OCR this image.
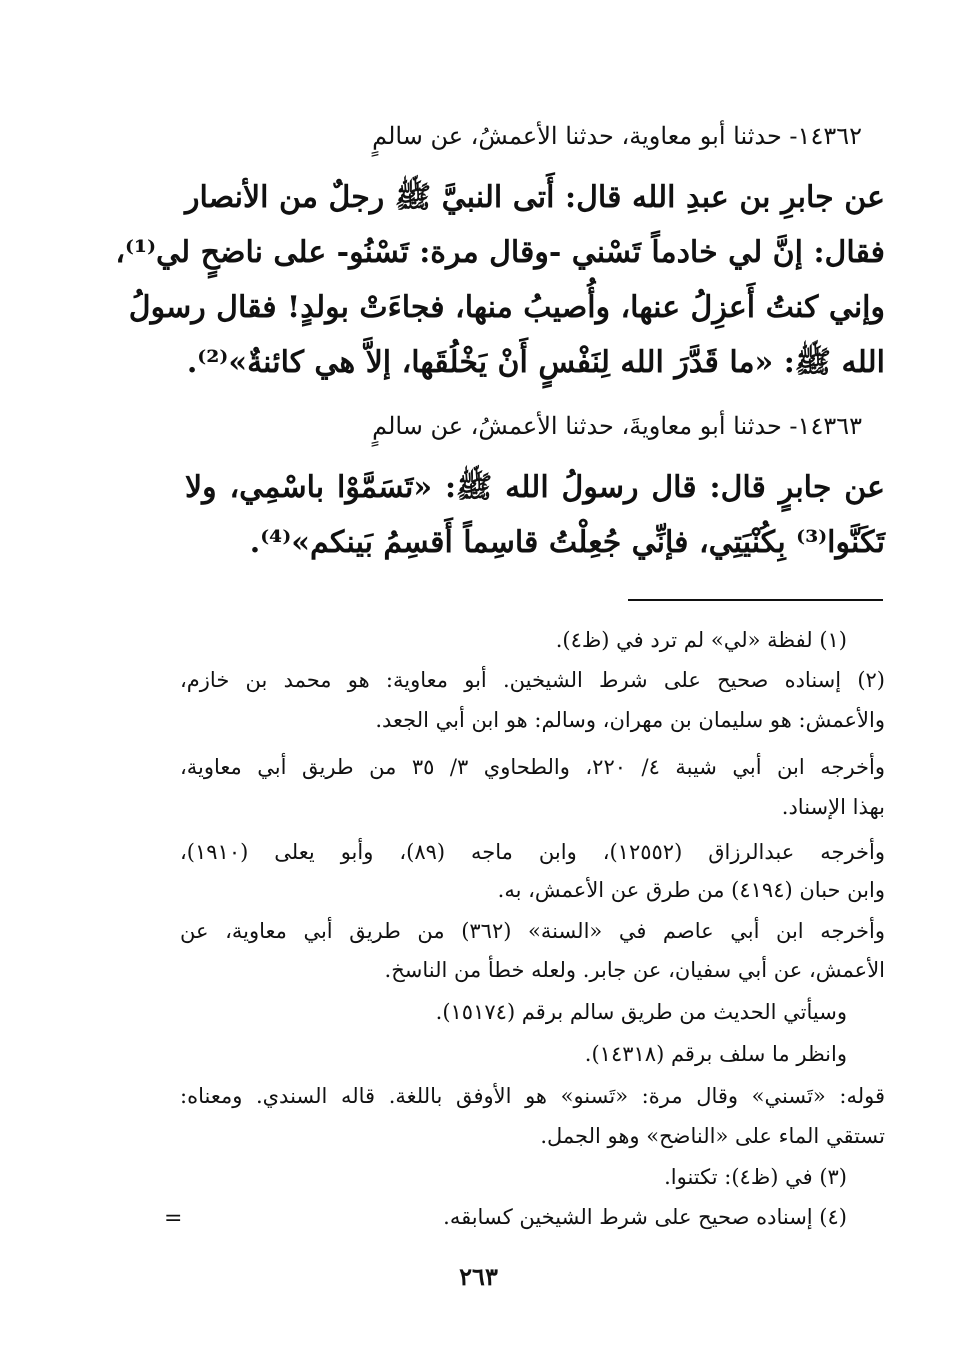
١٤٣٦٢- حدثنا أبو معاوية، حدثنا الأعمشُ، عن سالمٍ
عن جابرِ بن عبدِ الله قال: أَتى النبيَّ ﷺ رجلٌ من الأنصار
فقال: إنَّ لي خادماً تَسْني -وقال مرة: تَسْنُو- على ناضحٍ لي⁽¹⁾،
وإني كنتُ أَعزِلُ عنها، وأُصيبُ منها، فجاءَتْ بولدٍ! فقال رسولُ
الله ﷺ: «ما قَدَّرَ الله لِنَفْسٍ أَنْ يَخْلُقَها، إلاَّ هي كائنةٌ»⁽²⁾.
١٤٣٦٣- حدثنا أبو معاويةَ، حدثنا الأعمشُ، عن سالمٍ
عن جابرٍ قال: قال رسولُ الله ﷺ: «تَسَمَّوْا باسْمِي، ولا
تَكَنَّوا⁽³⁾ بِكُنْيَتِي، فإنِّي جُعِلْتُ قاسِماً أَقسِمُ بَينكم»⁽⁴⁾.
(١) لفظة «لي» لم ترد في (ظ٤).
(٢) إسناده صحيح على شرط الشيخين. أبو معاوية: هو محمد بن خازم،
والأعمش: هو سليمان بن مهران، وسالم: هو ابن أبي الجعد.
وأخرجه ابن أبي شيبة ٤/ ٢٢٠، والطحاوي ٣/ ٣٥ من طريق أبي معاوية،
بهذا الإسناد.
وأخرجه عبدالرزاق (١٢٥٥٢)، وابن ماجه (٨٩)، وأبو يعلى (١٩١٠)،
وابن حبان (٤١٩٤) من طرق عن الأعمش، به.
وأخرجه ابن أبي عاصم في «السنة» (٣٦٢) من طريق أبي معاوية، عن
الأعمش، عن أبي سفيان، عن جابر. ولعله خطأ من الناسخ.
وسيأتي الحديث من طريق سالم برقم (١٥١٧٤).
وانظر ما سلف برقم (١٤٣١٨).
قوله: «تَسني» وقال مرة: «تَسنو» هو الأوفق باللغة. قاله السندي. ومعناه:
تستقي الماء على «الناضح» وهو الجمل.
(٣) في (ظ٤): تكتنوا.
(٤) إسناده صحيح على شرط الشيخين كسابقه.
=
٢٦٣
